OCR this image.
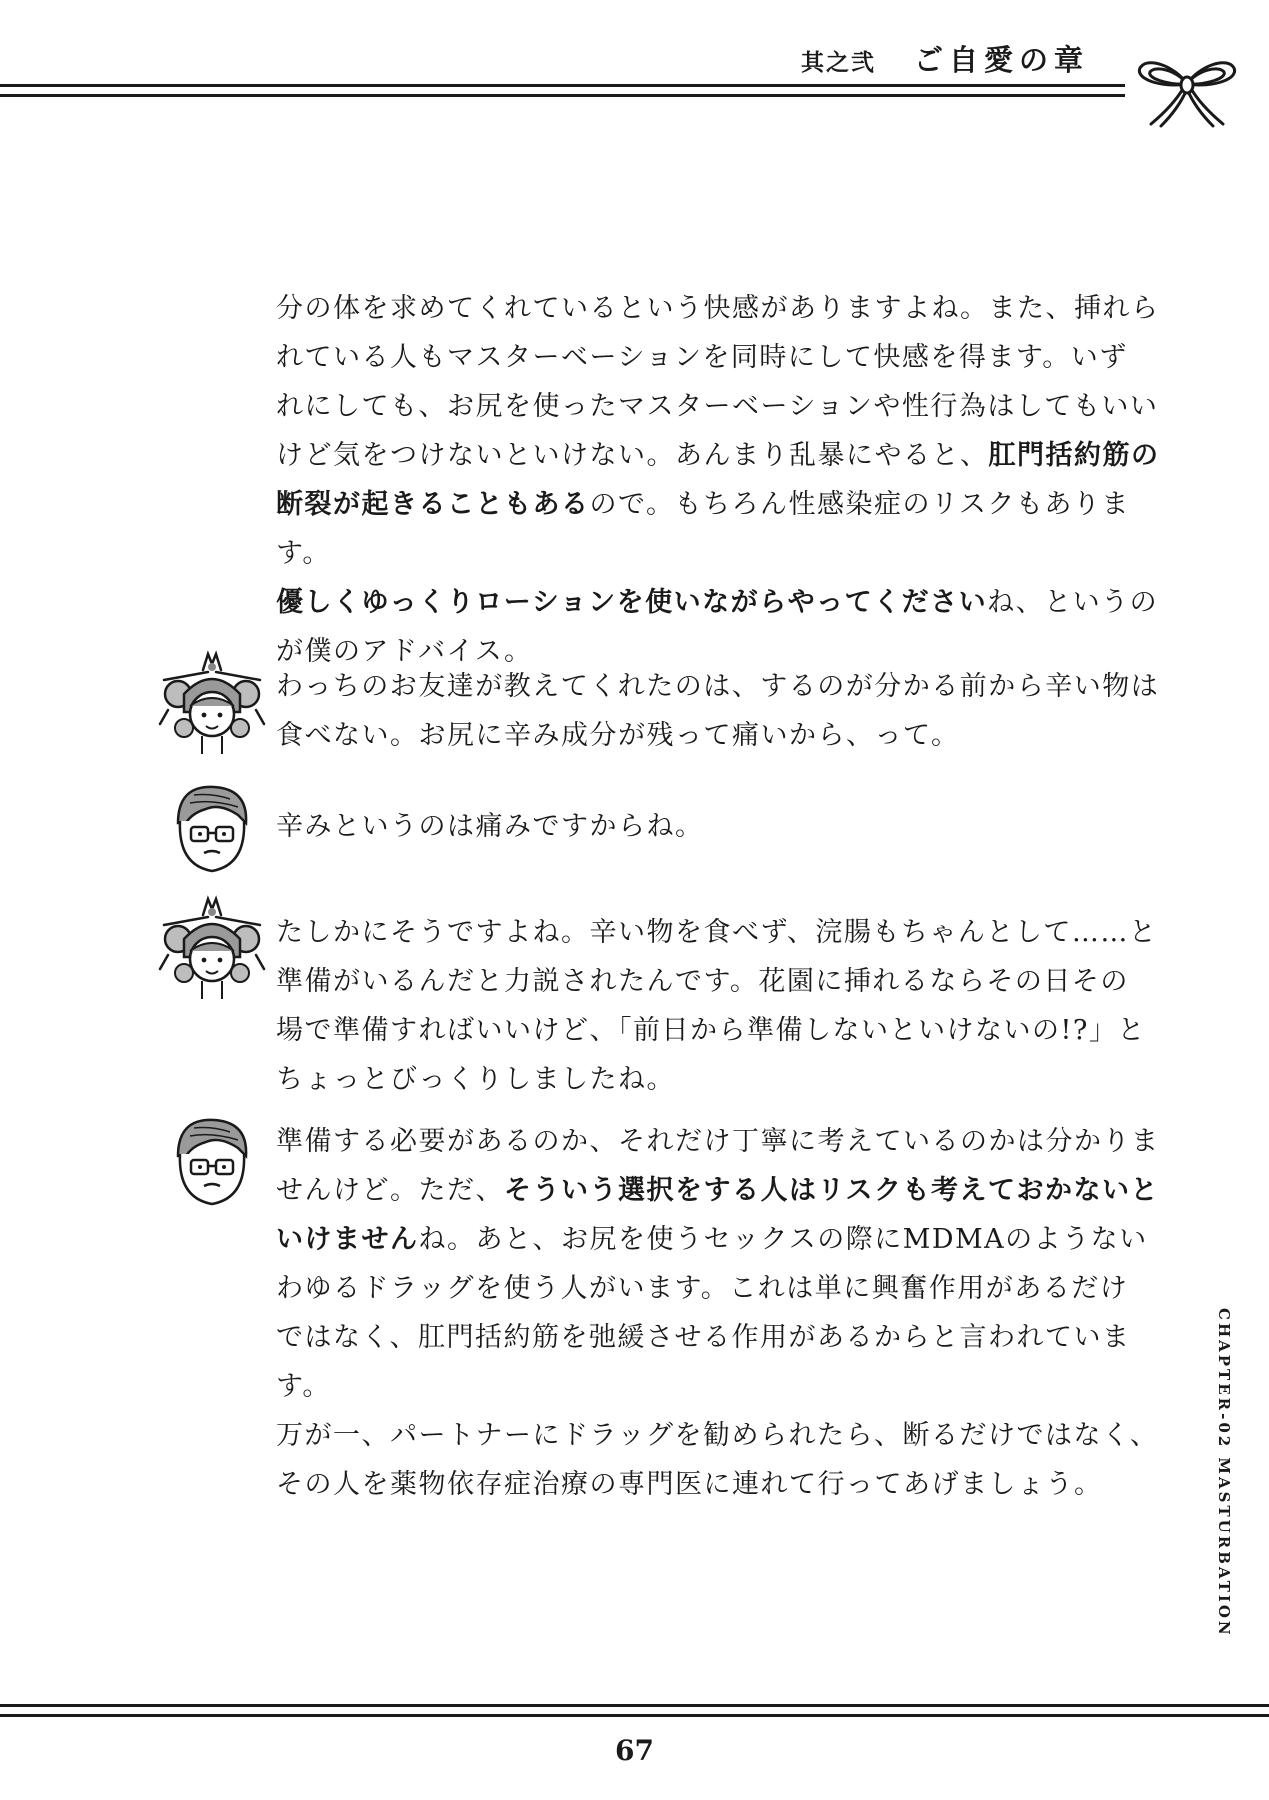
其之弐 ご自愛の章

分の体を求めてくれているという快感がありますよね。また、挿れら
れている人もマスターベーションを同時にして快感を得ます。いず
れにしても、お尻を使ったマスターベーションや性行為はしてもいい
けど気をつけないといけない。あんまり乱暴にやると、肛門括約筋の
断裂が起きることもあるので。もちろん性感染症のリスクもあります。
優しくゆっくりローションを使いながらやってくださいね、というの
が僕のアドバイス。

わっちのお友達が教えてくれたのは、するのが分かる前から辛い物は
食べない。お尻に辛み成分が残って痛いから、って。

辛みというのは痛みですからね。

たしかにそうですよね。辛い物を食べず、浣腸もちゃんとして……と
準備がいるんだと力説されたんです。花園に挿れるならその日その
場で準備すればいいけど、「前日から準備しないといけないの!?」と
ちょっとびっくりしましたね。

準備する必要があるのか、それだけ丁寧に考えているのかは分かりま
せんけど。ただ、そういう選択をする人はリスクも考えておかないと
いけませんね。あと、お尻を使うセックスの際にMDMAのようない
わゆるドラッグを使う人がいます。これは単に興奮作用があるだけ
ではなく、肛門括約筋を弛緩させる作用があるからと言われています。
万が一、パートナーにドラッグを勧められたら、断るだけではなく、
その人を薬物依存症治療の専門医に連れて行ってあげましょう。	CHAPTER-02 MASTURBATION
67
